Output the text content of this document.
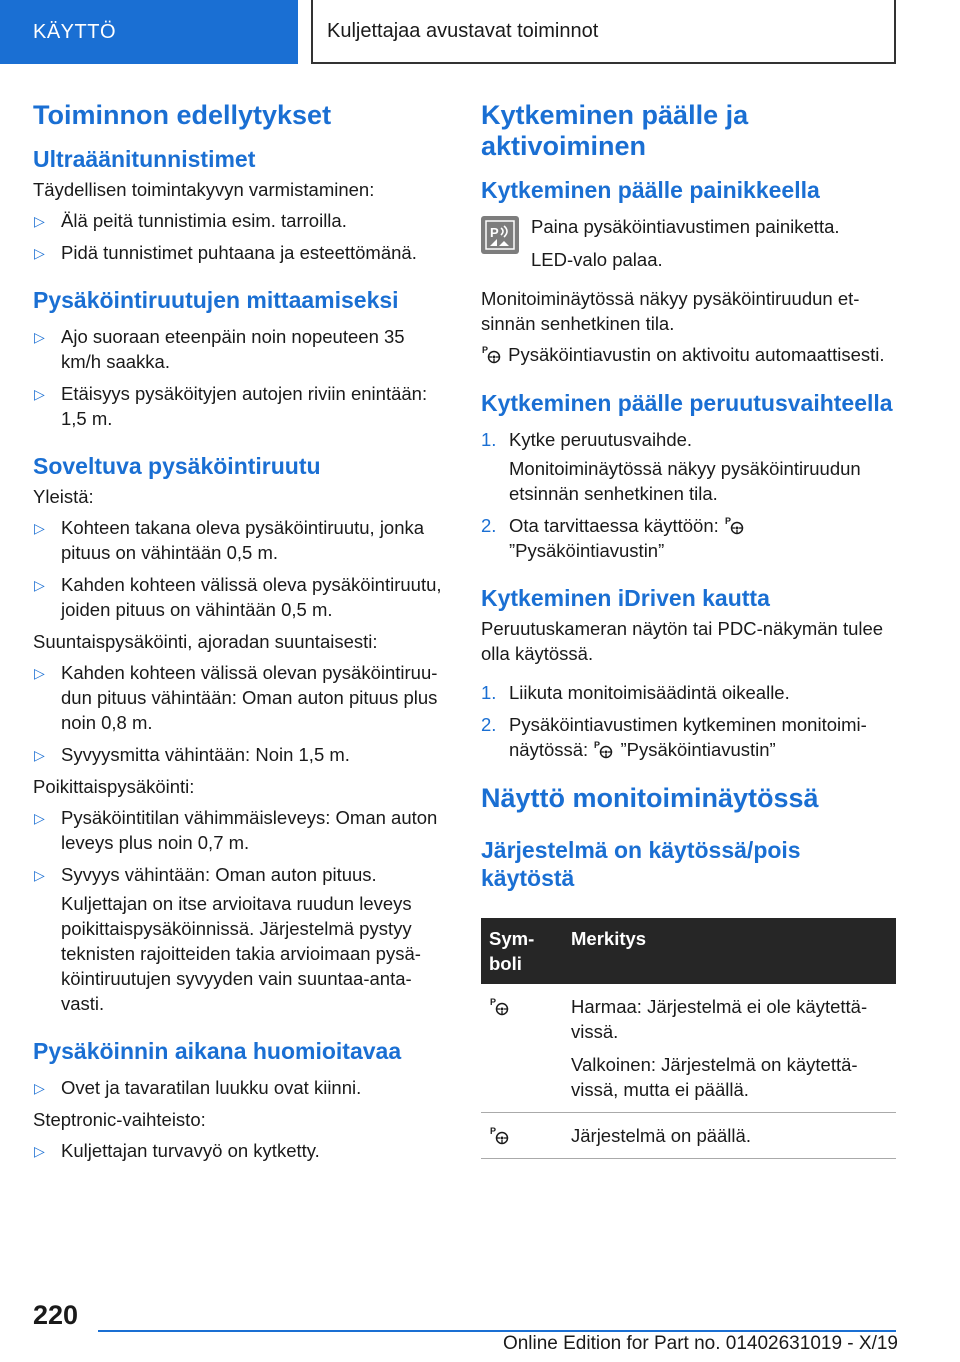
KÄYTTÖ	Kuljettajaa avustavat toiminnot
Toiminnon edellytykset
Ultraäänitunnistimet

Täydellisen toimintakyvyn varmistaminen:

▷ Älä peitä tunnistimia esim. tarroilla.
▷ Pidä tunnistimet puhtaana ja esteettömänä.
Pysäköintiruutujen mittaamiseksi
▷ Ajo suoraan eteenpäin noin nopeuteen 35 km/h saakka.
▷ Etäisyys pysäköityjen autojen riviin enintään: 1,5 m.
Soveltuva pysäköintiruutu

Yleistä:

▷ Kohteen takana oleva pysäköintiruutu, jonka pituus on vähintään 0,5 m.
▷ Kahden kohteen välissä oleva pysäköintiruutu, joiden pituus on vähintään 0,5 m.

Suuntaispysäköinti, ajoradan suuntaisesti:

▷ Kahden kohteen välissä olevan pysäköintiruudun pituus vähintään: Oman auton pituus plus noin 0,8 m.
▷ Syvyysmitta vähintään: Noin 1,5 m.

Poikittaispysäköinti:

▷ Pysäköintitilan vähimmäisleveys: Oman auton leveys plus noin 0,7 m.
▷ Syvyys vähintään: Oman auton pituus.
Kuljettajan on itse arvioitava ruudun leveys poikittaispysäköinnissä. Järjestelmä pystyy teknisten rajoitteiden takia arvioimaan pysäköintiruutujen syvyyden vain suuntaa-antavasti.
Pysäköinnin aikana huomioitavaa
▷ Ovet ja tavaratilan luukku ovat kiinni.

Steptronic-vaihteisto:

▷ Kuljettajan turvavyö on kytketty.
Kytkeminen päälle ja aktivoiminen
Kytkeminen päälle painikkeella
P Paina pysäköintiavustimen painiketta.

LED-valo palaa.

Monitoiminäytössä näkyy pysäköintiruudun etsinnän senhetkinen tila.

P Pysäköintiavustin on aktivoitu automaattisesti.

Kytkeminen päälle peruutusvaihteella
1. Kytke peruutusvaihde.
Monitoiminäytössä näkyy pysäköintiruudun etsinnän senhetkinen tila.
2. Ota tarvittaessa käyttöön: P

”Pysäköintiavustin”
Kytkeminen iDriven kautta

Peruutuskameran näytön tai PDC-näkymän tulee olla käytössä.

1. Liikuta monitoimisäädintä oikealle.
2. Pysäköintiavustimen kytkeminen monitoiminäytössä: P ”Pysäköintiavustin”
Näyttö monitoiminäytössä
Järjestelmä on käytössä/pois käytöstä
Symboli	Merkitys

P	Harmaa: Järjestelmä ei ole käytettävissä.

Valkoinen: Järjestelmä on käytettävissä, mutta ei päällä.

P	Järjestelmä on päällä.
220
Online Edition for Part no. 01402631019 - X/19
